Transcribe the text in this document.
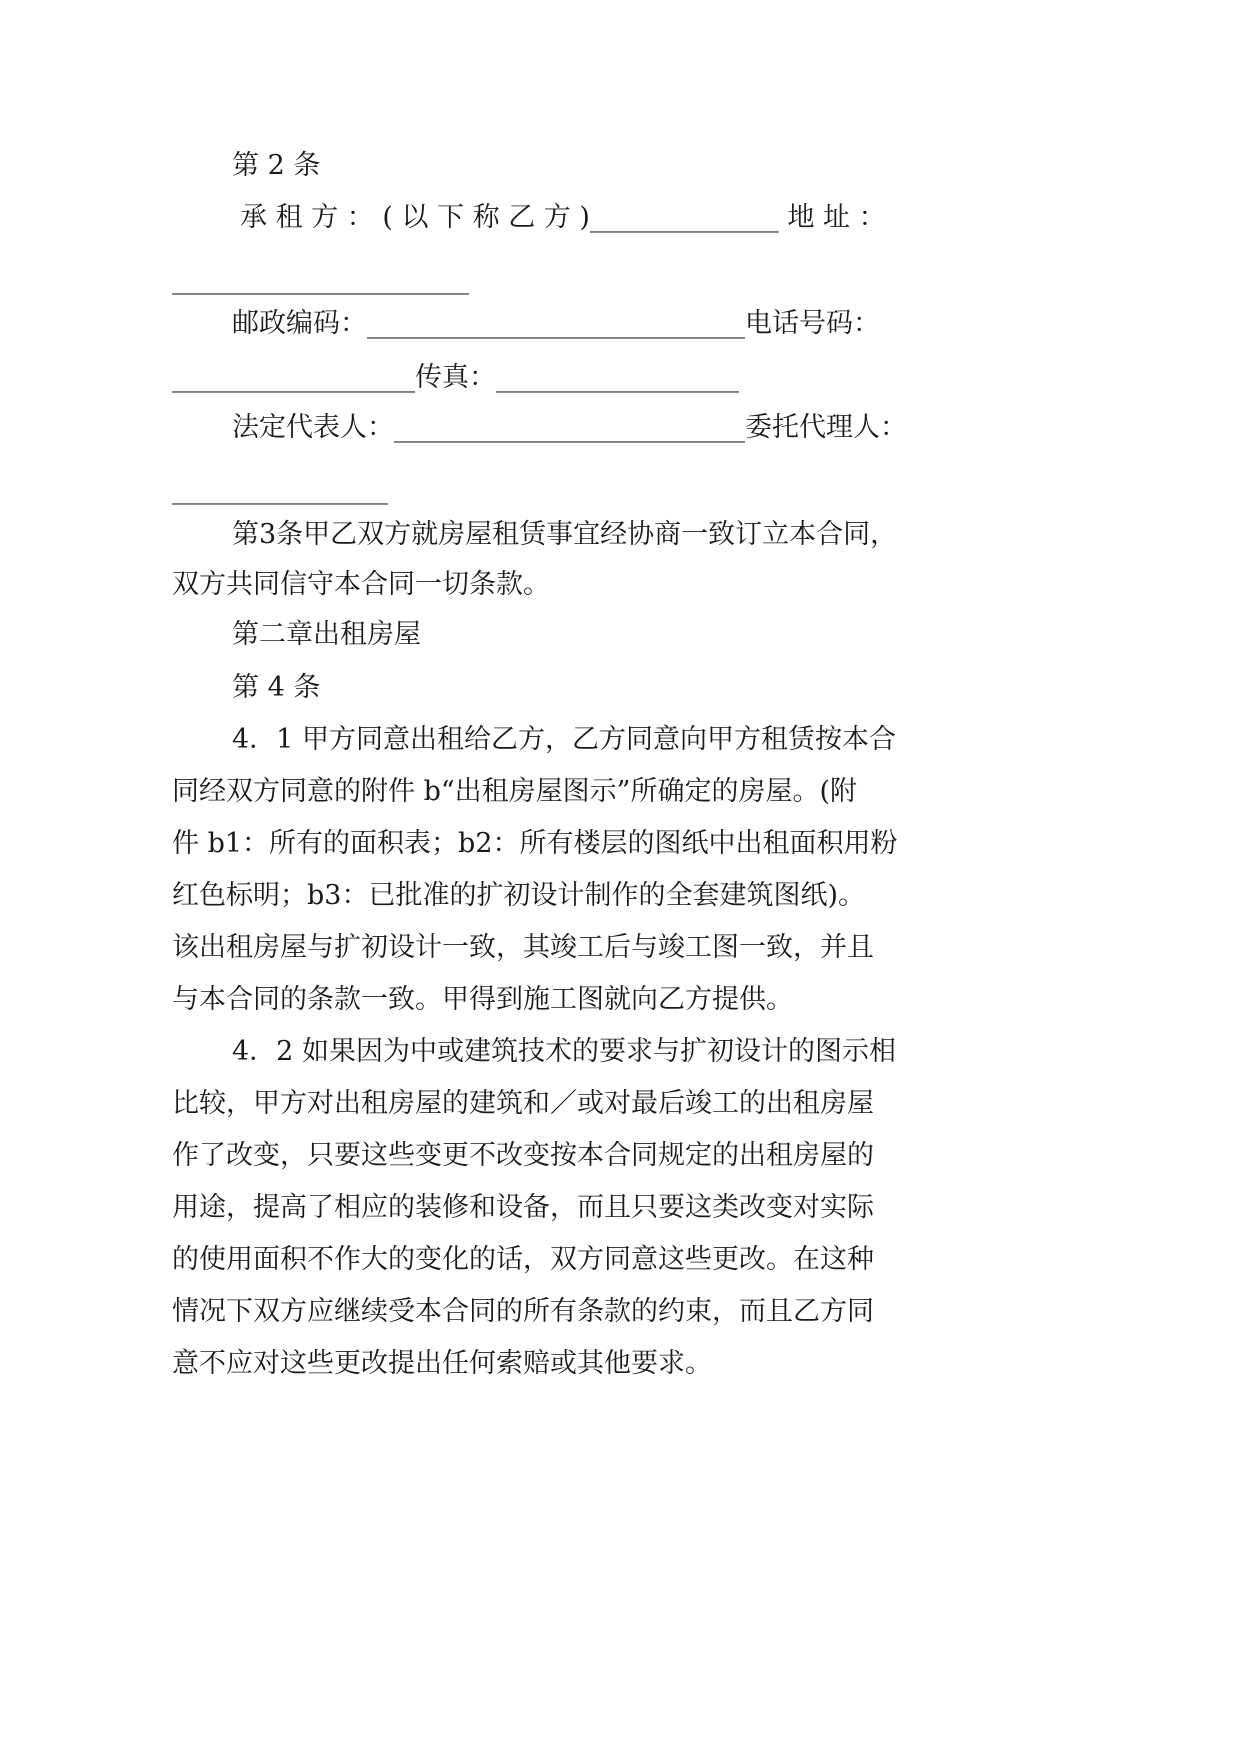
第 2 条
承 租 方 ： ( 以 下 称 乙 方 )______________ 地 址 ：
______________________
邮政编码：____________________________电话号码：
__________________传真：__________________
法定代表人：__________________________委托代理人：
________________
第3条甲乙双方就房屋租赁事宜经协商一致订立本合同，
双方共同信守本合同一切条款。
第二章出租房屋
第 4 条
4．1 甲方同意出租给乙方，乙方同意向甲方租赁按本合
同经双方同意的附件 b“出租房屋图示”所确定的房屋。(附
件 b1：所有的面积表；b2：所有楼层的图纸中出租面积用粉
红色标明；b3：已批准的扩初设计制作的全套建筑图纸)。
该出租房屋与扩初设计一致，其竣工后与竣工图一致，并且
与本合同的条款一致。甲得到施工图就向乙方提供。
4．2 如果因为中或建筑技术的要求与扩初设计的图示相
比较，甲方对出租房屋的建筑和／或对最后竣工的出租房屋
作了改变，只要这些变更不改变按本合同规定的出租房屋的
用途，提高了相应的装修和设备，而且只要这类改变对实际
的使用面积不作大的变化的话，双方同意这些更改。在这种
情况下双方应继续受本合同的所有条款的约束，而且乙方同
意不应对这些更改提出任何索赔或其他要求。
